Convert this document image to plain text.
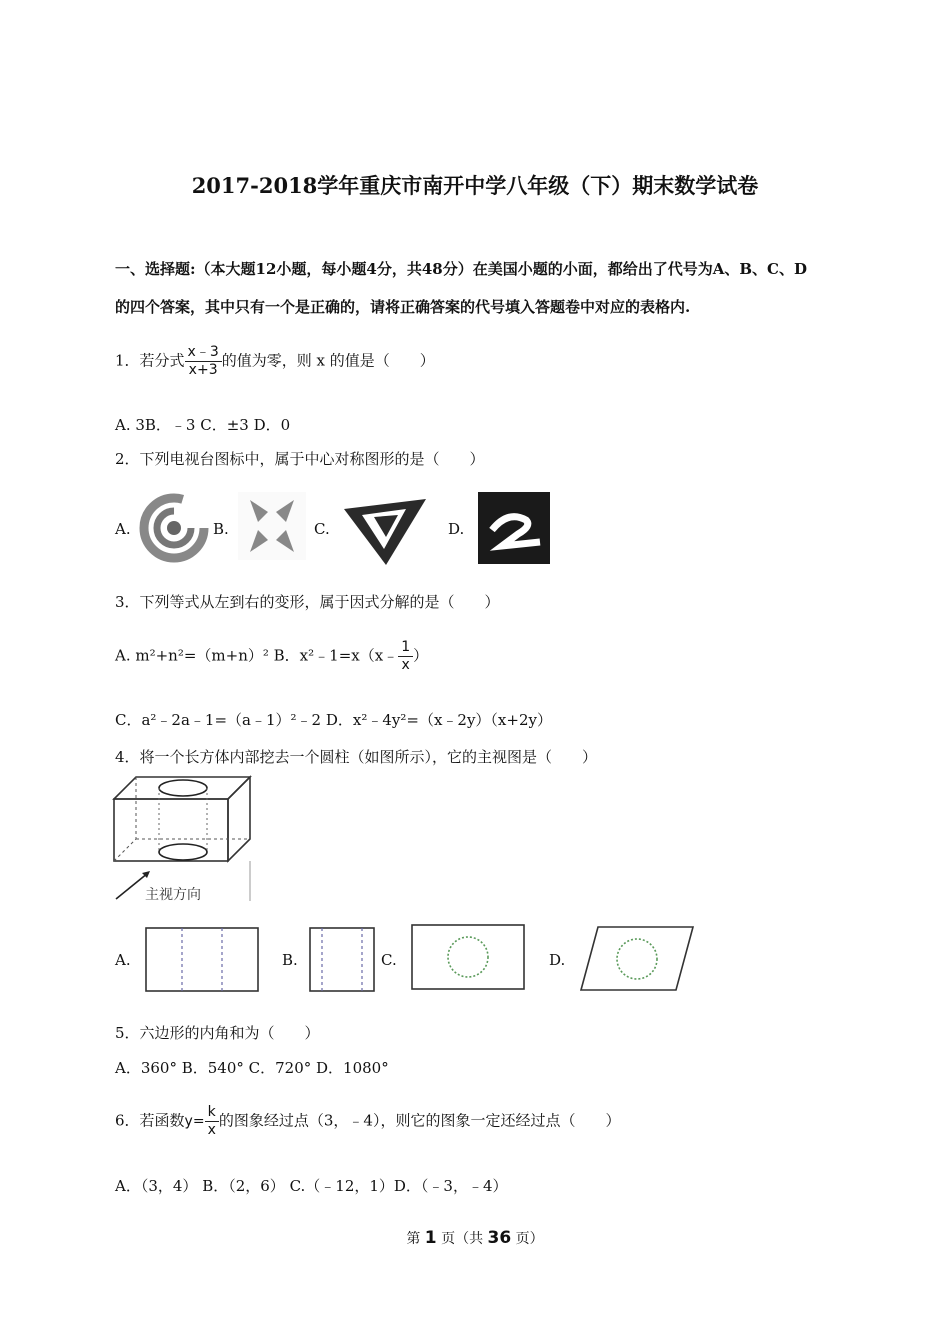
2017-2018学年重庆市南开中学八年级（下）期末数学试卷
一、选择题:（本大题12小题，每小题4分，共48分）在美国小题的小面，都给出了代号为A、B、C、D
的四个答案，其中只有一个是正确的，请将正确答案的代号填入答题卷中对应的表格内.
1．若分式 $\frac{x﹣3}{x+3}$ 的值为零，则 x 的值是（　　）
A. 3B．﹣3 C．±3 D．0
2．下列电视台图标中，属于中心对称图形的是（　　）
A.	B.	C.	D.
3．下列等式从左到右的变形，属于因式分解的是（　　）
A. m²+n²=（m+n）² B．x²﹣1=x（x﹣ $\frac{1}{x}$ ）
C．a²﹣2a﹣1=（a﹣1）²﹣2 D．x²﹣4y²=（x﹣2y）（x+2y）
4．将一个长方体内部挖去一个圆柱（如图所示），它的主视图是（　　）
主视方向
A.	B.	C.	D.
5．六边形的内角和为（　　）
A．360° B．540° C．720° D．1080°
6．若函数$y= \frac{k}{x}$ 的图象经过点（3，﹣4），则它的图象一定还经过点（　　）
A．（3，4） B．（2，6） C.（﹣12，1）D．（﹣3，﹣4）
第 1 页（共 36 页）
